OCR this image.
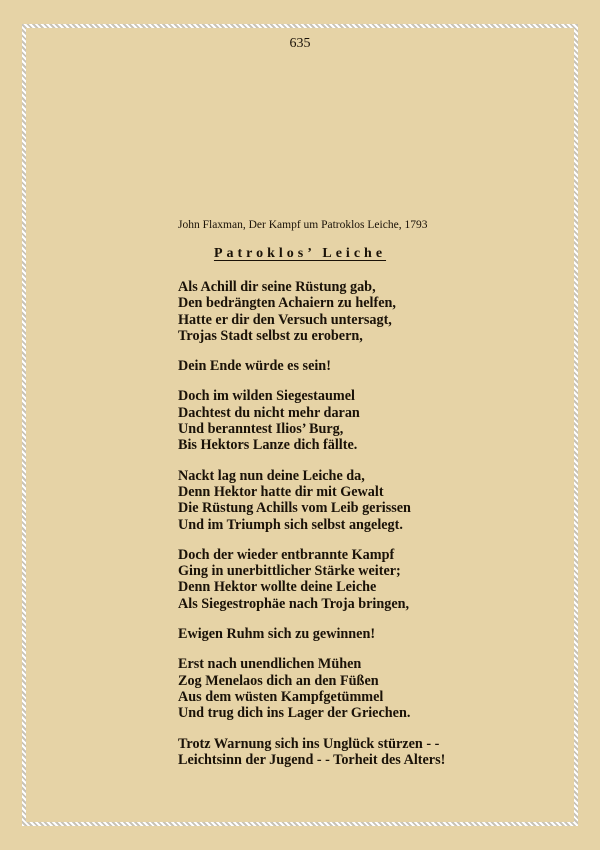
635
John Flaxman, Der Kampf um Patroklos Leiche, 1793
Patroklos’ Leiche
Als Achill dir seine Rüstung gab,
Den bedrängten Achaiern zu helfen,
Hatte er dir den Versuch untersagt,
Trojas Stadt selbst zu erobern,
Dein Ende würde es sein!
Doch im wilden Siegestaumel
Dachtest du nicht mehr daran
Und beranntest Ilios’ Burg,
Bis Hektors Lanze dich fällte.
Nackt lag nun deine Leiche da,
Denn Hektor hatte dir mit Gewalt
Die Rüstung Achills vom Leib gerissen
Und im Triumph sich selbst angelegt.
Doch der wieder entbrannte Kampf
Ging in unerbittlicher Stärke weiter;
Denn Hektor wollte deine Leiche
Als Siegestrophäe nach Troja bringen,
Ewigen Ruhm sich zu gewinnen!
Erst nach unendlichen Mühen
Zog Menelaos dich an den Füßen
Aus dem wüsten Kampfgetümmel
Und trug dich ins Lager der Griechen.
Trotz Warnung sich ins Unglück stürzen - -
Leichtsinn der Jugend - - Torheit des Alters!
